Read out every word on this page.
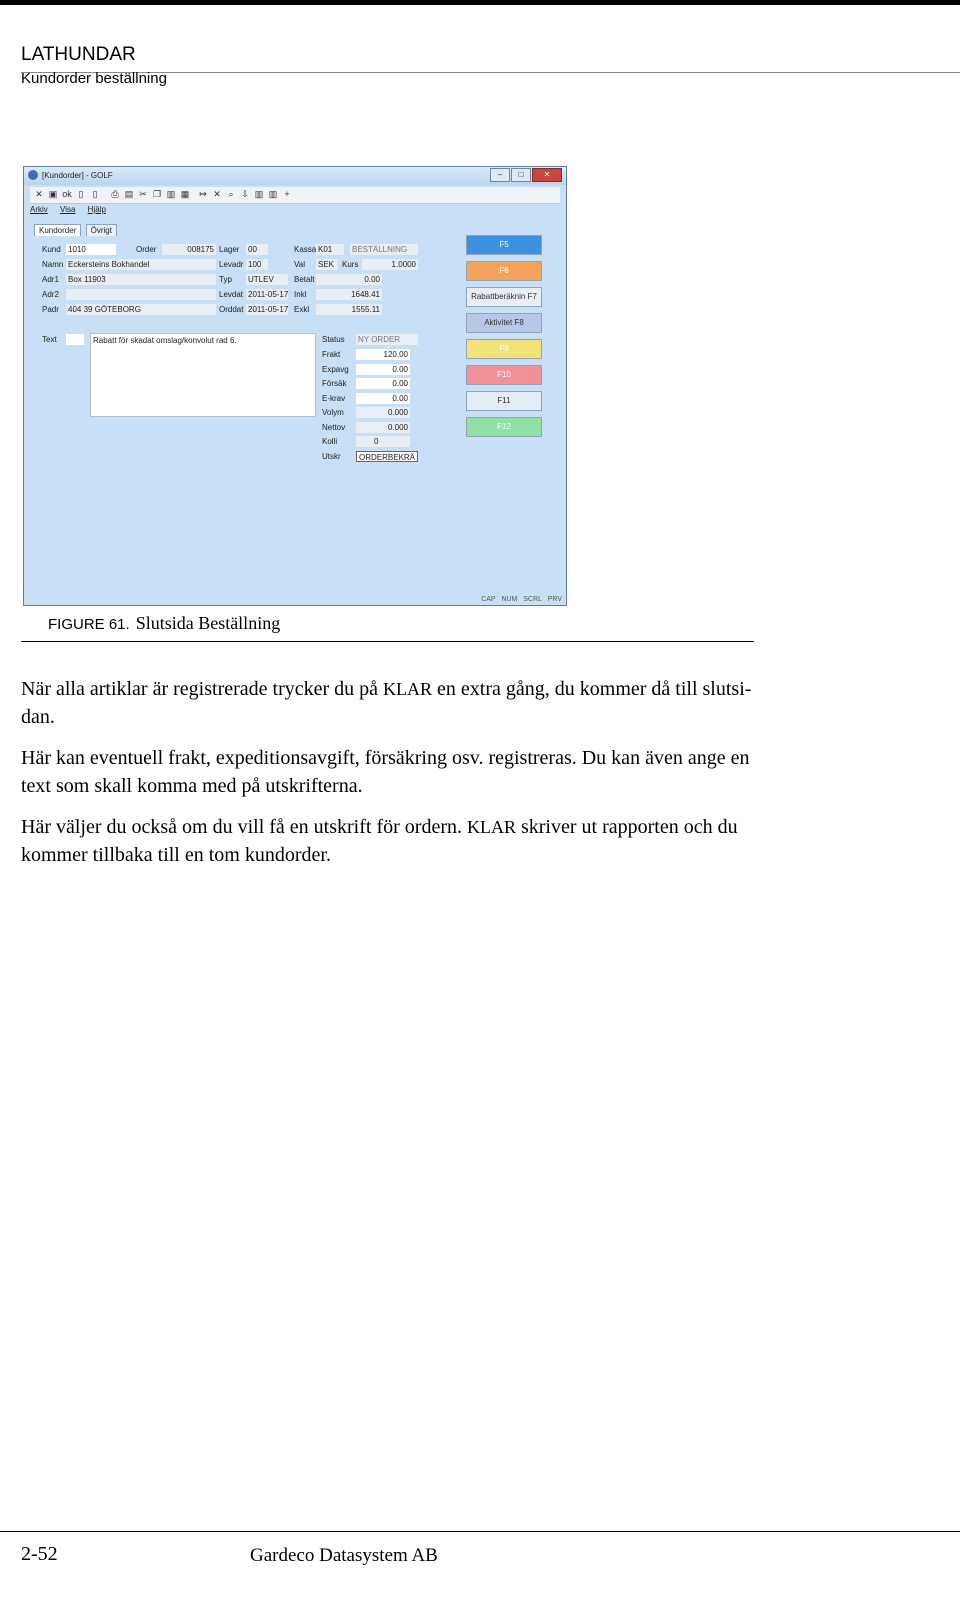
LATHUNDAR
Kundorder beställning
[Kundorder] - GOLF	–	□	✕
✕ ▣ ok ▯ ▯ ⎙ ▤ ✂ ❐ ▥ ▦ ↦ ✕ ⌕ ⇩ ▥ ▥ +
Arkiv Visa Hjälp
Kundorder Övrigt
Kund 1010	Order	008175 Lager 00	Kassa K01	BESTÄLLNING
Namn Eckersteins Bokhandel	Levadr 100	Val SEK Kurs	1.0000
Adr1 Box 11903	Typ UTLEV	Betalt	0.00
Adr2	Levdat 2011-05-17 Inkl	1648.41
Padr 404 39 GÖTEBORG	Orddat 2011-05-17 Exkl	1555.11
Text	Rabatt för skadat omslag/konvolut rad 6.	Status NY ORDER
Frakt	120.00
Expavg	0.00
Försäk	0.00
E-krav	0.00
Volym	0.000
Nettov	0.000
Kolli	0
Utskr	ORDERBEKRÄ
F5
F6
Rabattberäknin F7
Aktivitet F8
F9
F10
F11
F12
CAP NUM SCRL PRV
FIGURE 61. Slutsida Beställning
När alla artiklar är registrerade trycker du på KLAR en extra gång, du kommer då till slutsi-
dan.
Här kan eventuell frakt, expeditionsavgift, försäkring osv. registreras. Du kan även ange en
text som skall komma med på utskrifterna.
Här väljer du också om du vill få en utskrift för ordern. KLAR skriver ut rapporten och du
kommer tillbaka till en tom kundorder.
2-52	Gardeco Datasystem AB
